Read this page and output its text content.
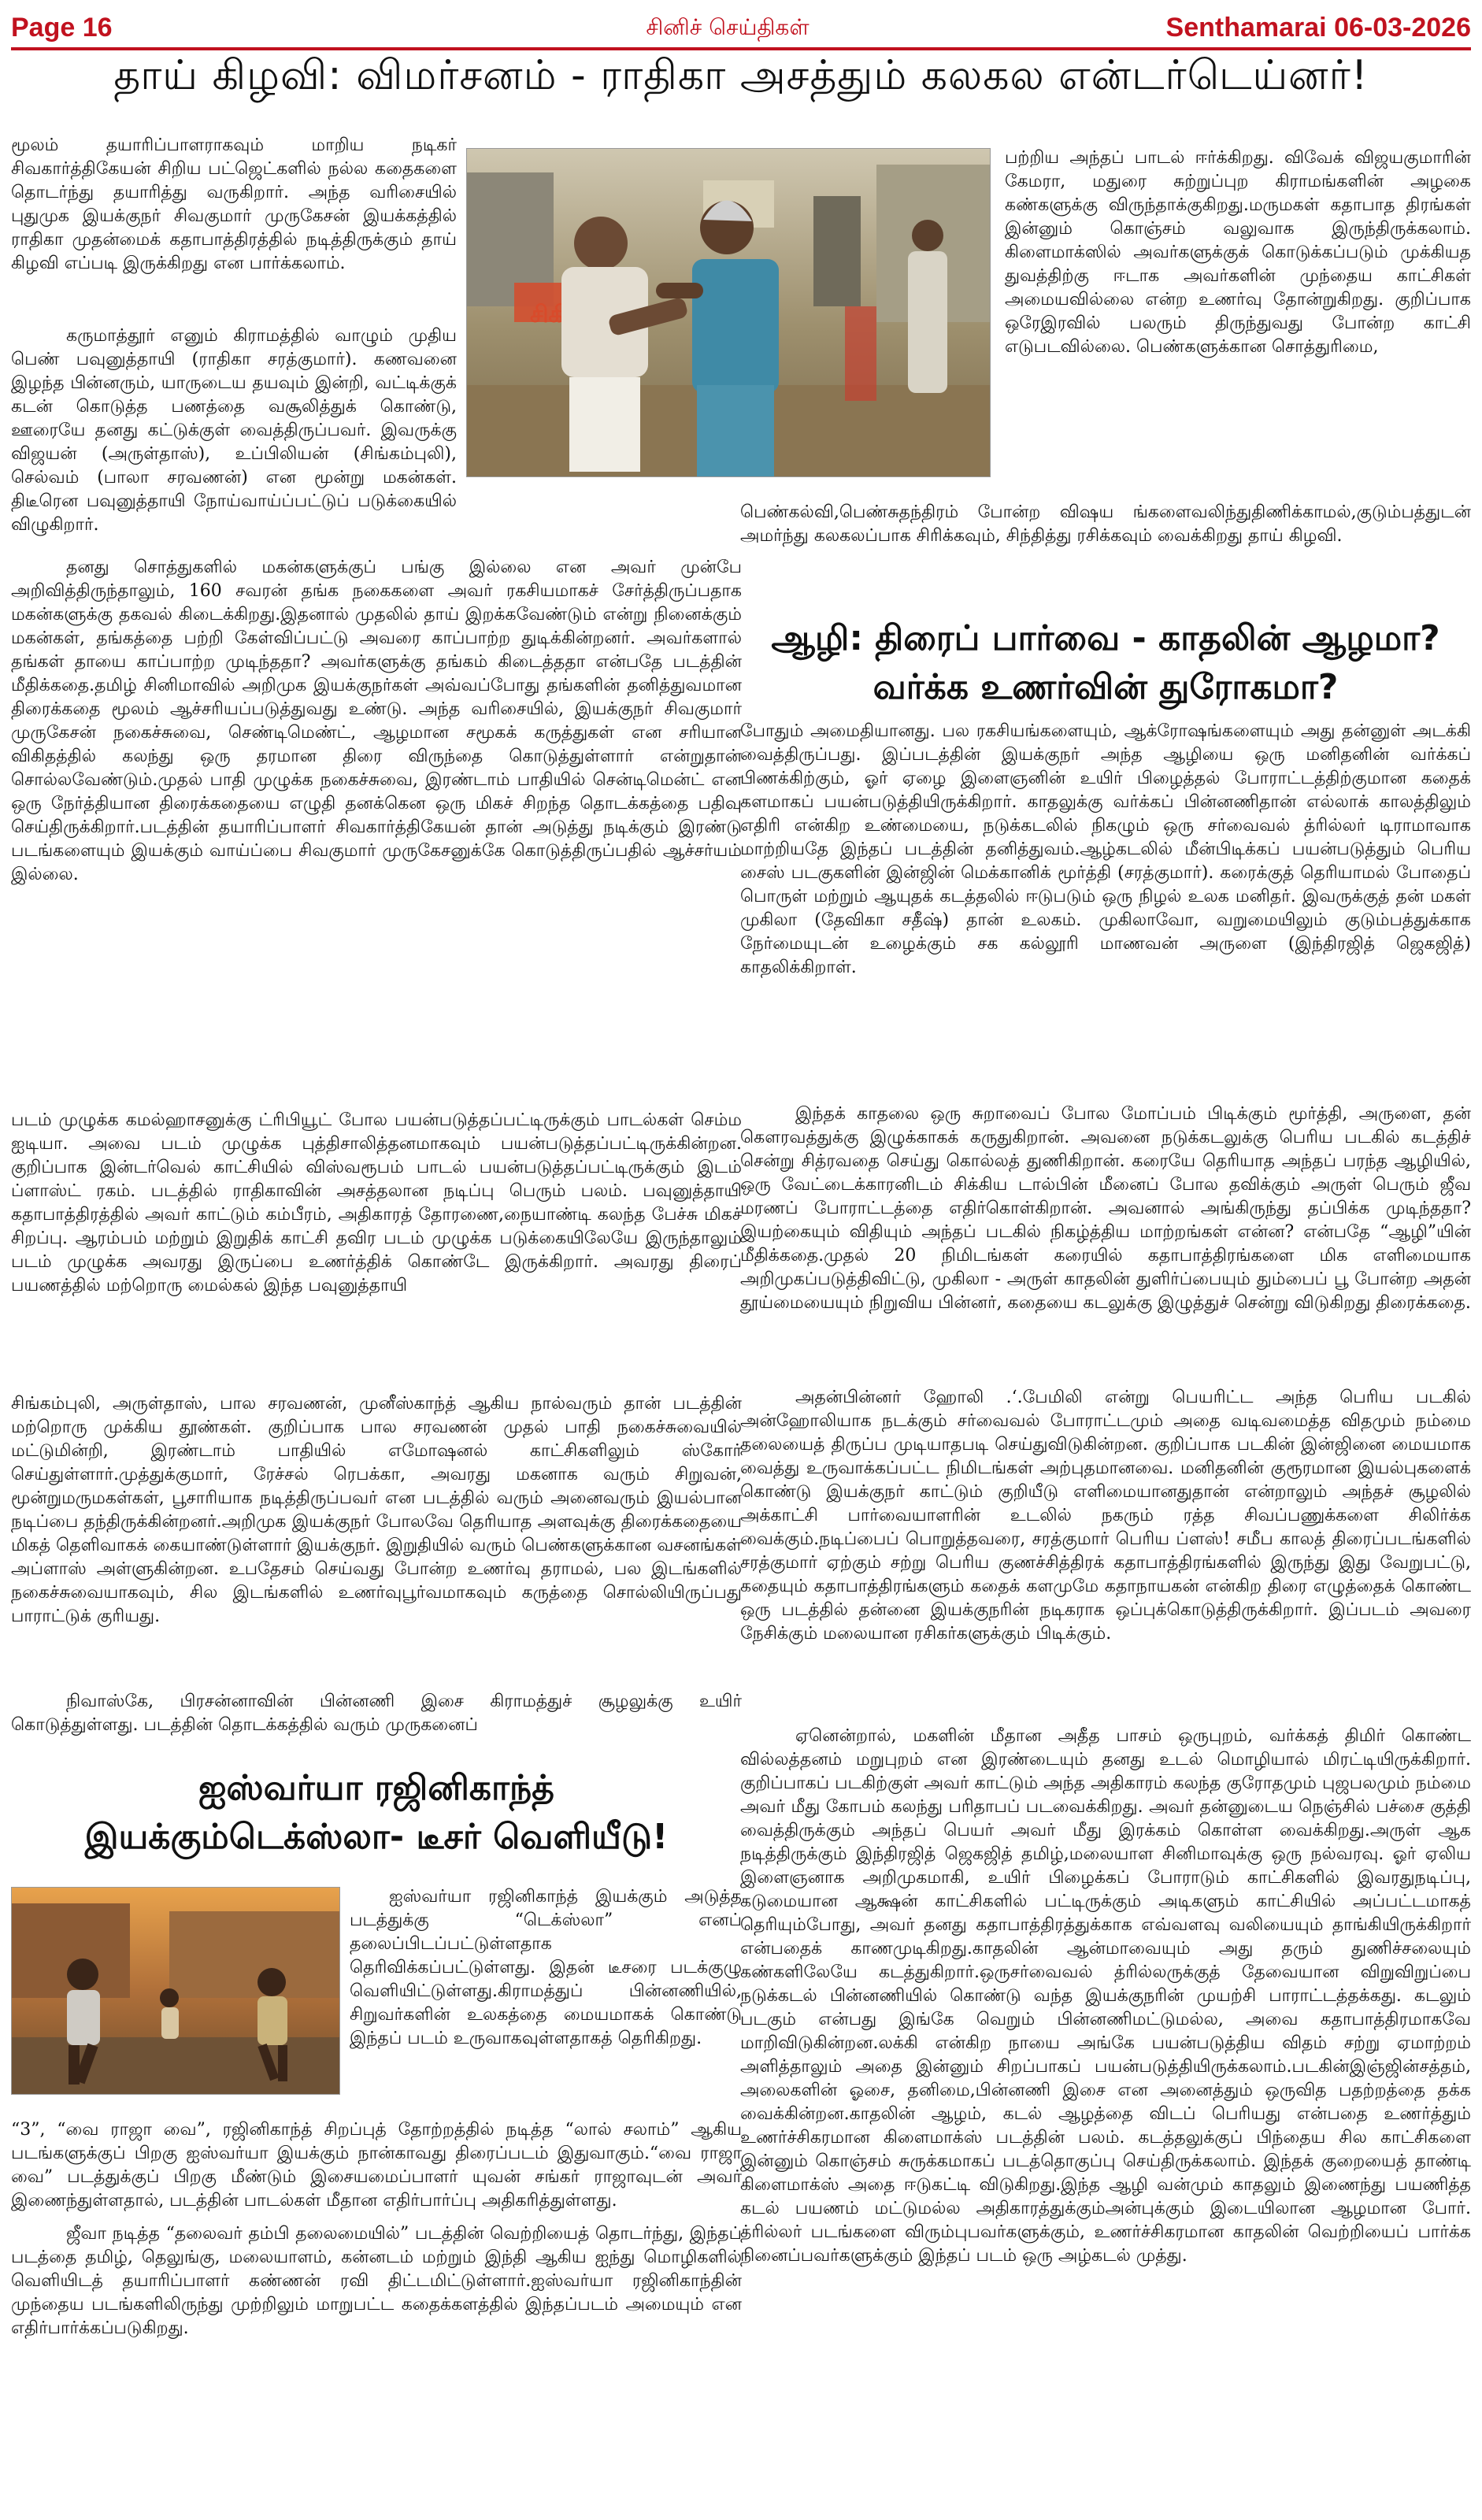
Page 16	சினிச் செய்திகள்	Senthamarai 06-03-2026
தாய் கிழவி: விமர்சனம் - ராதிகா அசத்தும் கலகல என்டர்டெய்னர்!

மூலம் தயாரிப்பாளராகவும் மாறிய நடிகர் சிவகார்த்திகேயன் சிறிய பட்ஜெட்களில் நல்ல கதைகளை தொடர்ந்து தயாரித்து வருகிறார். அந்த வரிசையில் புதுமுக இயக்குநர் சிவகுமார் முருகேசன் இயக்கத்தில் ராதிகா முதன்மைக் கதாபாத்திரத்தில் நடித்திருக்கும் தாய் கிழவி எப்படி இருக்கிறது என பார்க்கலாம்.

கருமாத்தூர் எனும் கிராமத்தில் வாழும் முதிய பெண் பவுனுத்தாயி (ராதிகா சரத்குமார்). கணவனை இழந்த பின்னரும், யாருடைய தயவும் இன்றி, வட்டிக்குக் கடன் கொடுத்த பணத்தை வசூலித்துக் கொண்டு, ஊரையே தனது கட்டுக்குள் வைத்திருப்பவர். இவருக்கு விஜயன் (அருள்தாஸ்), உப்பிலியன் (சிங்கம்புலி), செல்வம் (பாலா சரவணன்) என மூன்று மகன்கள். திடீரென பவுனுத்தாயி நோய்வாய்ப்பட்டுப் படுக்கையில் விழுகிறார்.

தனது சொத்துகளில் மகன்களுக்குப் பங்கு இல்லை என அவர் முன்பே அறிவித்திருந்தாலும், 160 சவரன் தங்க நகைகளை அவர் ரகசியமாகச் சேர்த்திருப்பதாக மகன்களுக்கு தகவல் கிடைக்கிறது.இதனால் முதலில் தாய் இறக்கவேண்டும் என்று நினைக்கும் மகன்கள், தங்கத்தை பற்றி கேள்விப்பட்டு அவரை காப்பாற்ற துடிக்கின்றனர். அவர்களால் தங்கள் தாயை காப்பாற்ற முடிந்ததா? அவர்களுக்கு தங்கம் கிடைத்ததா என்பதே படத்தின் மீதிக்கதை.தமிழ் சினிமாவில் அறிமுக இயக்குநர்கள் அவ்வப்போது தங்களின் தனித்துவமான திரைக்கதை மூலம் ஆச்சரியப்படுத்துவது உண்டு. அந்த வரிசையில், இயக்குநர் சிவகுமார் முருகேசன் நகைச்சுவை, செண்டிமெண்ட், ஆழமான சமூகக் கருத்துகள் என சரியான விகிதத்தில் கலந்து ஒரு தரமான திரை விருந்தை கொடுத்துள்ளார் என்றுதான் சொல்லவேண்டும்.முதல் பாதி முழுக்க நகைச்சுவை, இரண்டாம் பாதியில் சென்டிமென்ட் என ஒரு நேர்த்தியான திரைக்கதையை எழுதி தனக்கென ஒரு மிகச் சிறந்த தொடக்கத்தை பதிவு செய்திருக்கிறார்.படத்தின் தயாரிப்பாளர் சிவகார்த்திகேயன் தான் அடுத்து நடிக்கும் இரண்டு படங்களையும் இயக்கும் வாய்ப்பை சிவகுமார் முருகேசனுக்கே கொடுத்திருப்பதில் ஆச்சர்யம் இல்லை.

படம் முழுக்க கமல்ஹாசனுக்கு ட்ரிபியூட் போல பயன்படுத்தப்பட்டிருக்கும் பாடல்கள் செம்ம ஐடியா. அவை படம் முழுக்க புத்திசாலித்தனமாகவும் பயன்படுத்தப்பட்டிருக்கின்றன. குறிப்பாக இன்டர்வெல் காட்சியில் விஸ்வரூபம் பாடல் பயன்படுத்தப்பட்டிருக்கும் இடம் ப்ளாஸ்ட் ரகம். படத்தில் ராதிகாவின் அசத்தலான நடிப்பு பெரும் பலம். பவுனுத்தாயி கதாபாத்திரத்தில் அவர் காட்டும் கம்பீரம், அதிகாரத் தோரணை,நையாண்டி கலந்த பேச்சு மிகச் சிறப்பு. ஆரம்பம் மற்றும் இறுதிக் காட்சி தவிர படம் முழுக்க படுக்கையிலேயே இருந்தாலும் படம் முழுக்க அவரது இருப்பை உணர்த்திக் கொண்டே இருக்கிறார். அவரது திரைப் பயணத்தில் மற்றொரு மைல்கல் இந்த பவுனுத்தாயி

சிங்கம்புலி, அருள்தாஸ், பால சரவணன், முனீஸ்காந்த் ஆகிய நால்வரும் தான் படத்தின் மற்றொரு முக்கிய தூண்கள். குறிப்பாக பால சரவணன் முதல் பாதி நகைச்சுவையில் மட்டுமின்றி, இரண்டாம் பாதியில் எமோஷனல் காட்சிகளிலும் ஸ்கோர் செய்துள்ளார்.முத்துக்குமார், ரேச்சல் ரெபக்கா, அவரது மகனாக வரும் சிறுவன், மூன்றுமருமகள்கள், பூசாரியாக நடித்திருப்பவர் என படத்தில் வரும் அனைவரும் இயல்பான நடிப்பை தந்திருக்கின்றனர்.அறிமுக இயக்குநர் போலவே தெரியாத அளவுக்கு திரைக்கதையை மிகத் தெளிவாகக் கையாண்டுள்ளார் இயக்குநர். இறுதியில் வரும் பெண்களுக்கான வசனங்கள் அப்ளாஸ் அள்ளுகின்றன. உபதேசம் செய்வது போன்ற உணர்வு தராமல், பல இடங்களில் நகைச்சுவையாகவும், சில இடங்களில் உணர்வுபூர்வமாகவும் கருத்தை சொல்லியிருப்பது பாராட்டுக் குரியது.

நிவாஸ்கே, பிரசன்னாவின் பின்னணி இசை கிராமத்துச் சூழலுக்கு உயிர் கொடுத்துள்ளது. படத்தின் தொடக்கத்தில் வரும் முருகனைப்

பற்றிய அந்தப் பாடல் ஈர்க்கிறது. விவேக் விஜயகுமாரின் கேமரா, மதுரை சுற்றுப்புற கிராமங்களின் அழகை கண்களுக்கு விருந்தாக்குகிறது.மருமகள் கதாபாத திரங்கள் இன்னும் கொஞ்சம் வலுவாக இருந்திருக்கலாம். கிளைமாக்ஸில் அவர்களுக்குக் கொடுக்கப்படும் முக்கியத துவத்திற்கு ஈடாக அவர்களின் முந்தைய காட்சிகள் அமையவில்லை என்ற உணர்வு தோன்றுகிறது. குறிப்பாக ஒரேஇரவில் பலரும் திருந்துவது போன்ற காட்சி எடுபடவில்லை. பெண்களுக்கான சொத்துரிமை,

பெண்கல்வி,பெண்சுதந்திரம் போன்ற விஷய ங்களைவலிந்துதிணிக்காமல்,குடும்பத்துடன் அமர்ந்து கலகலப்பாக சிரிக்கவும், சிந்தித்து ரசிக்கவும் வைக்கிறது தாய் கிழவி.

ஐஸ்வர்யா ரஜினிகாந்த்
இயக்கும்டெக்ஸ்லா- டீசர் வெளியீடு!

ஐஸ்வர்யா ரஜினிகாந்த் இயக்கும் அடுத்த படத்துக்கு “டெக்ஸ்லா” எனப் தலைப்பிடப்பட்டுள்ளதாக தெரிவிக்கப்பட்டுள்ளது. இதன் டீசரை படக்குழு வெளியிட்டுள்ளது.கிராமத்துப் பின்னணியில், சிறுவர்களின் உலகத்தை மையமாகக் கொண்டு இந்தப் படம் உருவாகவுள்ளதாகத் தெரிகிறது.

“3”, “வை ராஜா வை”, ரஜினிகாந்த் சிறப்புத் தோற்றத்தில் நடித்த “லால் சலாம்” ஆகிய படங்களுக்குப் பிறகு ஐஸ்வர்யா இயக்கும் நான்காவது திரைப்படம் இதுவாகும்.“வை ராஜா வை” படத்துக்குப் பிறகு மீண்டும் இசையமைப்பாளர் யுவன் சங்கர் ராஜாவுடன் அவர் இணைந்துள்ளதால், படத்தின் பாடல்கள் மீதான எதிர்பார்ப்பு அதிகரித்துள்ளது.

ஜீவா நடித்த “தலைவர் தம்பி தலைமையில்” படத்தின் வெற்றியைத் தொடர்ந்து, இந்தப் படத்தை தமிழ், தெலுங்கு, மலையாளம், கன்னடம் மற்றும் இந்தி ஆகிய ஐந்து மொழிகளில் வெளியிடத் தயாரிப்பாளர் கண்ணன் ரவி திட்டமிட்டுள்ளார்.ஐஸ்வர்யா ரஜினிகாந்தின் முந்தைய படங்களிலிருந்து முற்றிலும் மாறுபட்ட கதைக்களத்தில் இந்தப்படம் அமையும் என எதிர்பார்க்கப்படுகிறது.

ஆழி: திரைப் பார்வை - காதலின் ஆழமா?
வர்க்க உணர்வின் துரோகமா?

போதும் அமைதியானது. பல ரகசியங்களையும், ஆக்ரோஷங்களையும் அது தன்னுள் அடக்கி வைத்திருப்பது. இப்படத்தின் இயக்குநர் அந்த ஆழியை ஒரு மனிதனின் வர்க்கப் பிணக்கிற்கும், ஓர் ஏழை இளைஞனின் உயிர் பிழைத்தல் போராட்டத்திற்குமான கதைக் களமாகப் பயன்படுத்தியிருக்கிறார். காதலுக்கு வர்க்கப் பின்னணிதான் எல்லாக் காலத்திலும் எதிரி என்கிற உண்மையை, நடுக்கடலில் நிகழும் ஒரு சர்வைவல் த்ரில்லர் டிராமாவாக மாற்றியதே இந்தப் படத்தின் தனித்துவம்.ஆழ்கடலில் மீன்பிடிக்கப் பயன்படுத்தும் பெரிய சைஸ் படகுகளின் இன்ஜின் மெக்கானிக் மூர்த்தி (சரத்குமார்). கரைக்குத் தெரியாமல் போதைப் பொருள் மற்றும் ஆயுதக் கடத்தலில் ஈடுபடும் ஒரு நிழல் உலக மனிதர். இவருக்குத் தன் மகள் முகிலா (தேவிகா சதீஷ்) தான் உலகம். முகிலாவோ, வறுமையிலும் குடும்பத்துக்காக நேர்மையுடன் உழைக்கும் சக கல்லூரி மாணவன் அருளை (இந்திரஜித் ஜெகஜித்) காதலிக்கிறாள்.

இந்தக் காதலை ஒரு சுறாவைப் போல மோப்பம் பிடிக்கும் மூர்த்தி, அருளை, தன் கௌரவத்துக்கு இழுக்காகக் கருதுகிறான். அவனை நடுக்கடலுக்கு பெரிய படகில் கடத்திச் சென்று சித்ரவதை செய்து கொல்லத் துணிகிறான். கரையே தெரியாத அந்தப் பரந்த ஆழியில், ஒரு வேட்டைக்காரனிடம் சிக்கிய டால்பின் மீனைப் போல தவிக்கும் அருள் பெரும் ஜீவ மரணப் போராட்டத்தை எதிர்கொள்கிறான். அவனால் அங்கிருந்து தப்பிக்க முடிந்ததா? இயற்கையும் விதியும் அந்தப் படகில் நிகழ்த்திய மாற்றங்கள் என்ன? என்பதே “ஆழி”யின் மீதிக்கதை.முதல் 20 நிமிடங்கள் கரையில் கதாபாத்திரங்களை மிக எளிமையாக அறிமுகப்படுத்திவிட்டு, முகிலா - அருள் காதலின் துளிர்ப்பையும் தும்பைப் பூ போன்ற அதன் தூய்மையையும் நிறுவிய பின்னர், கதையை கடலுக்கு இழுத்துச் சென்று விடுகிறது திரைக்கதை.

அதன்பின்னர் ஹோலி .‘.பேமிலி என்று பெயரிட்ட அந்த பெரிய படகில் அன்ஹோலியாக நடக்கும் சர்வைவல் போராட்டமும் அதை வடிவமைத்த விதமும் நம்மை தலையைத் திருப்ப முடியாதபடி செய்துவிடுகின்றன. குறிப்பாக படகின் இன்ஜினை மையமாக வைத்து உருவாக்கப்பட்ட நிமிடங்கள் அற்புதமானவை. மனிதனின் குரூரமான இயல்புகளைக் கொண்டு இயக்குநர் காட்டும் குறியீடு எளிமையானதுதான் என்றாலும் அந்தச் சூழலில் அக்காட்சி பார்வையாளரின் உடலில் நகரும் ரத்த சிவப்பணுக்களை சிலிர்க்க வைக்கும்.நடிப்பைப் பொறுத்தவரை, சரத்குமார் பெரிய ப்ளஸ்! சமீப காலத் திரைப்படங்களில் சரத்குமார் ஏற்கும் சற்று பெரிய குணச்சித்திரக் கதாபாத்திரங்களில் இருந்து இது வேறுபட்டு, கதையும் கதாபாத்திரங்களும் கதைக் களமுமே கதாநாயகன் என்கிற திரை எழுத்தைக் கொண்ட ஒரு படத்தில் தன்னை இயக்குநரின் நடிகராக ஒப்புக்கொடுத்திருக்கிறார். இப்படம் அவரை நேசிக்கும் மலையான ரசிகர்களுக்கும் பிடிக்கும்.

ஏனென்றால், மகளின் மீதான அதீத பாசம் ஒருபுறம், வர்க்கத் திமிர் கொண்ட வில்லத்தனம் மறுபுறம் என இரண்டையும் தனது உடல் மொழியால் மிரட்டியிருக்கிறார். குறிப்பாகப் படகிற்குள் அவர் காட்டும் அந்த அதிகாரம் கலந்த குரோதமும் புஜபலமும் நம்மை அவர் மீது கோபம் கலந்து பரிதாபப் படவைக்கிறது. அவர் தன்னுடைய நெஞ்சில் பச்சை குத்தி வைத்திருக்கும் அந்தப் பெயர் அவர் மீது இரக்கம் கொள்ள வைக்கிறது.அருள் ஆக நடித்திருக்கும் இந்திரஜித் ஜெகஜித் தமிழ்,மலையாள சினிமாவுக்கு ஒரு நல்வரவு. ஓர் ஏலிய இளைஞனாக அறிமுகமாகி, உயிர் பிழைக்கப் போராடும் காட்சிகளில் இவரதுநடிப்பு, கடுமையான ஆக்ஷன் காட்சிகளில் பட்டிருக்கும் அடிகளும் காட்சியில் அப்பட்டமாகத் தெரியும்போது, அவர் தனது கதாபாத்திரத்துக்காக எவ்வளவு வலியையும் தாங்கியிருக்கிறார் என்பதைக் காணமுடிகிறது.காதலின் ஆன்மாவையும் அது தரும் துணிச்சலையும் கண்களிலேயே கடத்துகிறார்.ஒருசர்வைவல் த்ரில்லருக்குத் தேவையான விறுவிறுப்பை நடுக்கடல் பின்னணியில் கொண்டு வந்த இயக்குநரின் முயற்சி பாராட்டத்தக்கது. கடலும் படகும் என்பது இங்கே வெறும் பின்னணிமட்டுமல்ல, அவை கதாபாத்திரமாகவே மாறிவிடுகின்றன.லக்கி என்கிற நாயை அங்கே பயன்படுத்திய விதம் சற்று ஏமாற்றம் அளித்தாலும் அதை இன்னும் சிறப்பாகப் பயன்படுத்தியிருக்கலாம்.படகின்இஞ்ஜின்சத்தம், அலைகளின் ஓசை, தனிமை,பின்னணி இசை என அனைத்தும் ஒருவித பதற்றத்தை தக்க வைக்கின்றன.காதலின் ஆழம், கடல் ஆழத்தை விடப் பெரியது என்பதை உணர்த்தும் உணர்ச்சிகரமான கிளைமாக்ஸ் படத்தின் பலம். கடத்தலுக்குப் பிந்தைய சில காட்சிகளை இன்னும் கொஞ்சம் சுருக்கமாகப் படத்தொகுப்பு செய்திருக்கலாம். இந்தக் குறையைத் தாண்டி கிளைமாக்ஸ் அதை ஈடுகட்டி விடுகிறது.இந்த ஆழி வன்மும் காதலும் இணைந்து பயணித்த கடல் பயணம் மட்டுமல்ல அதிகாரத்துக்கும்அன்புக்கும் இடையிலான ஆழமான போர். த்ரில்லர் படங்களை விரும்புபவர்களுக்கும், உணர்ச்சிகரமான காதலின் வெற்றியைப் பார்க்க நினைப்பவர்களுக்கும் இந்தப் படம் ஒரு அழ்கடல் முத்து.
